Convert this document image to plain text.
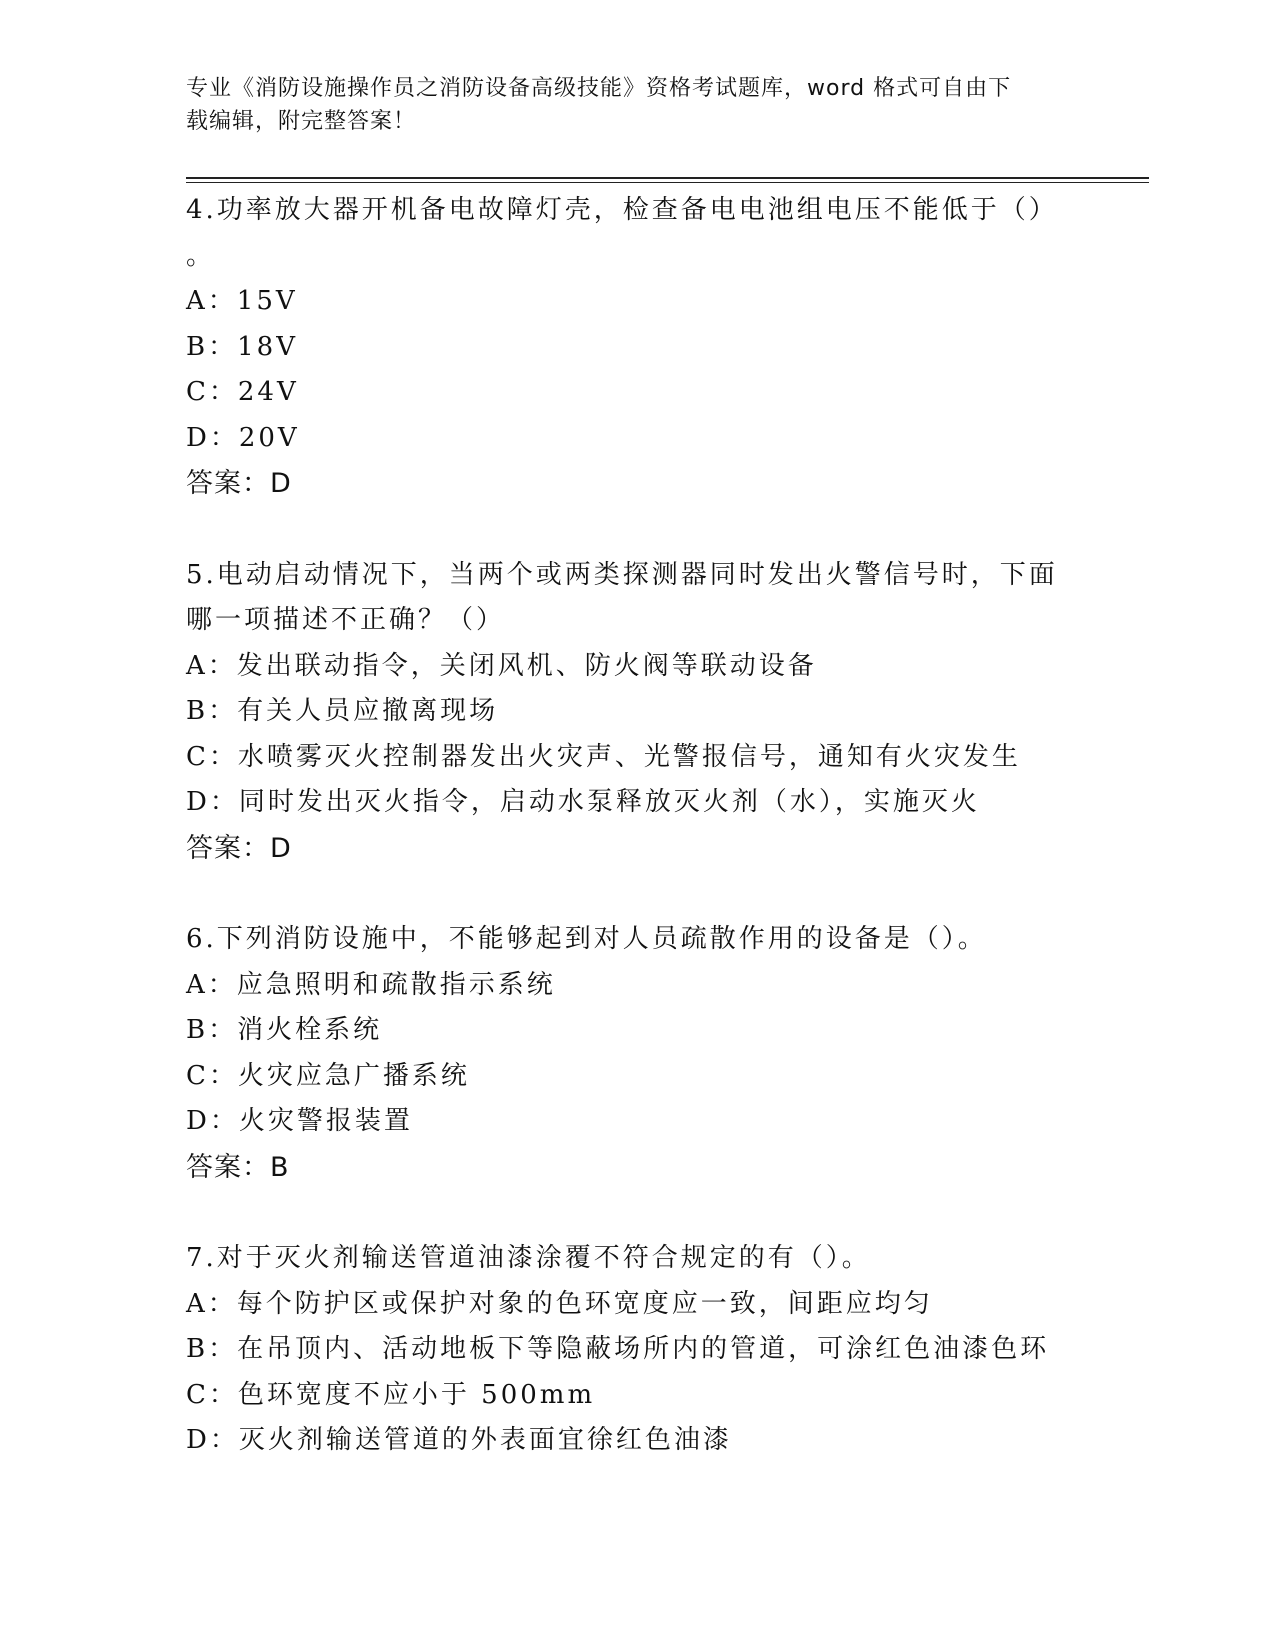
专业《消防设施操作员之消防设备高级技能》资格考试题库，word 格式可自由下
载编辑，附完整答案！
4.功率放大器开机备电故障灯壳，检查备电电池组电压不能低于（）
。
A：15V
B：18V
C：24V
D：20V
答案：D
5.电动启动情况下，当两个或两类探测器同时发出火警信号时，下面
哪一项描述不正确？（）
A：发出联动指令，关闭风机、防火阀等联动设备
B：有关人员应撤离现场
C：水喷雾灭火控制器发出火灾声、光警报信号，通知有火灾发生
D：同时发出灭火指令，启动水泵释放灭火剂（水），实施灭火
答案：D
6.下列消防设施中，不能够起到对人员疏散作用的设备是（）。
A：应急照明和疏散指示系统
B：消火栓系统
C：火灾应急广播系统
D：火灾警报装置
答案：B
7.对于灭火剂输送管道油漆涂覆不符合规定的有（）。
A：每个防护区或保护对象的色环宽度应一致，间距应均匀
B：在吊顶内、活动地板下等隐蔽场所内的管道，可涂红色油漆色环
C：色环宽度不应小于 500mm
D：灭火剂输送管道的外表面宜徐红色油漆
